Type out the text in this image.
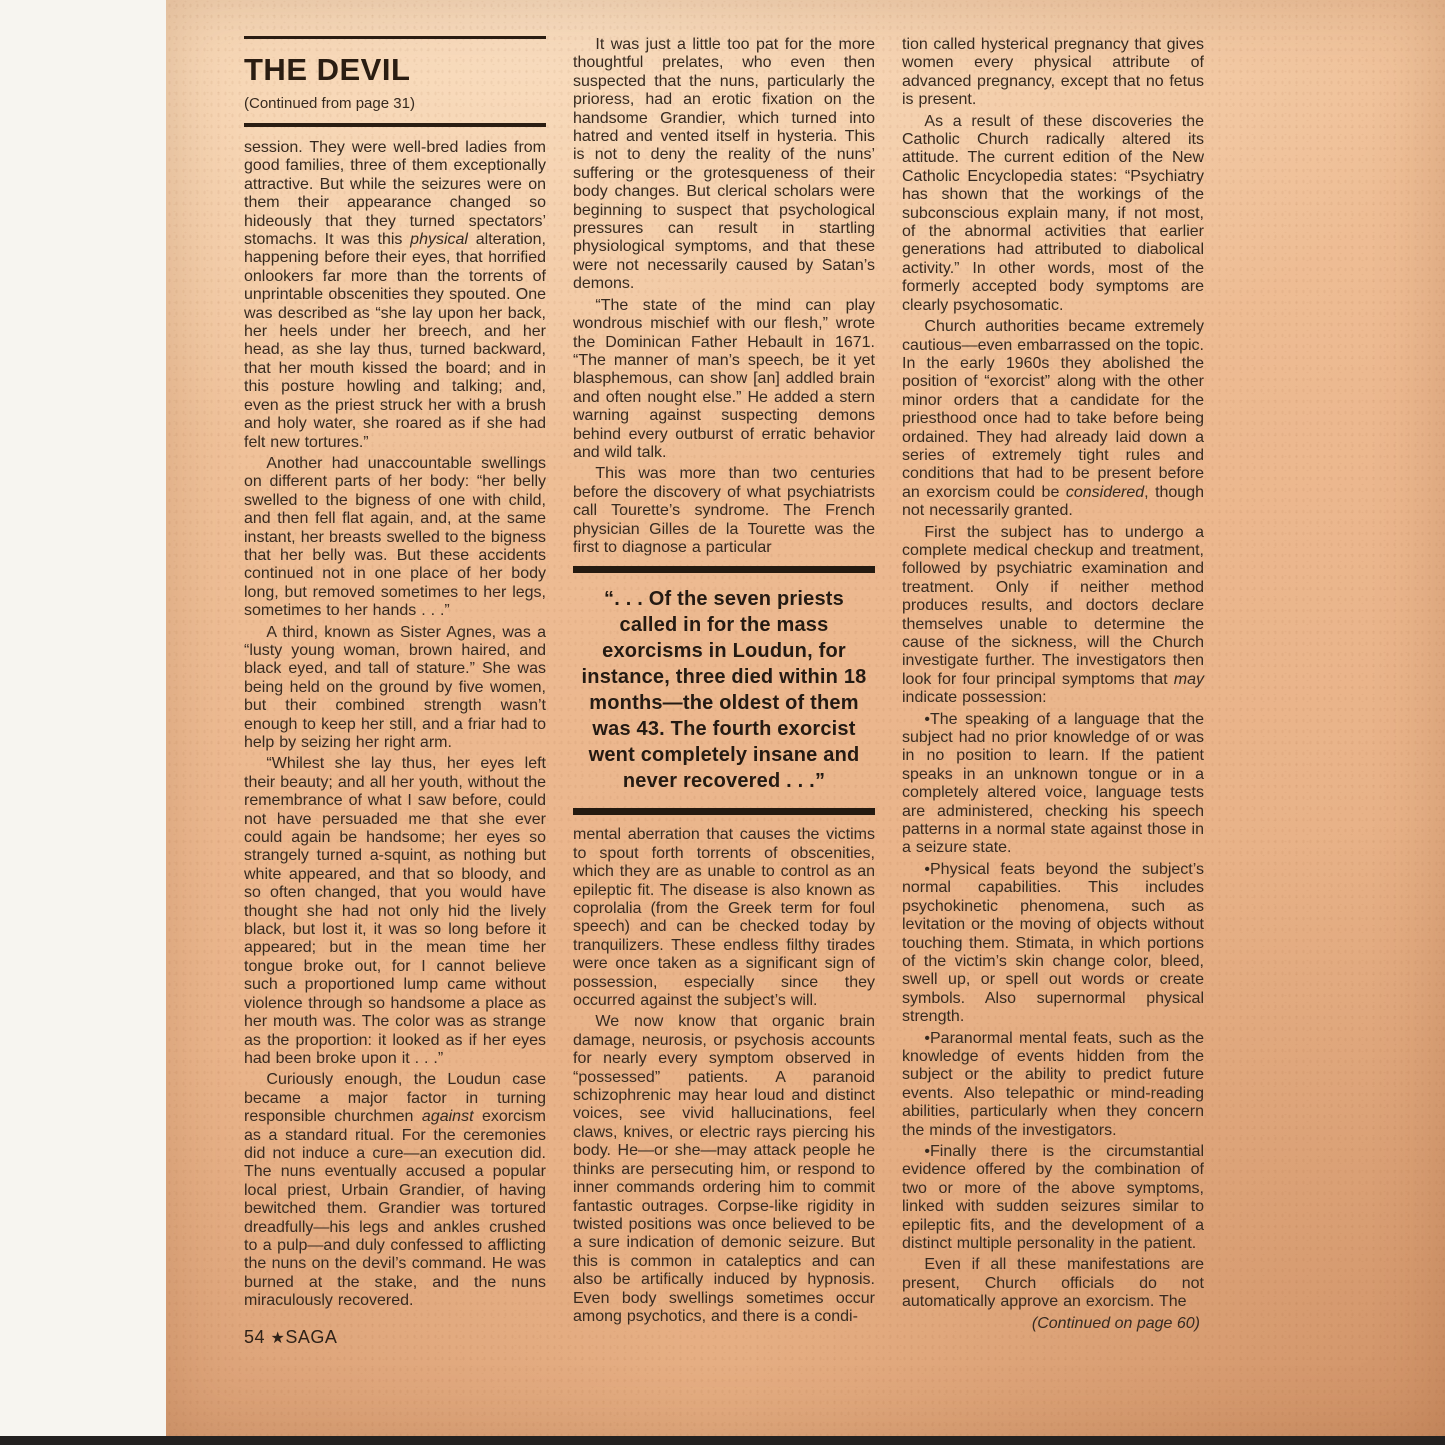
THE DEVIL
(Continued from page 31)

session. They were well-bred ladies from good families, three of them exceptionally attractive. But while the seizures were on them their appearance changed so hideously that they turned spectators’ stomachs. It was this physical alteration, happening before their eyes, that horrified onlookers far more than the torrents of unprintable obscenities they spouted. One was described as “she lay upon her back, her heels under her breech, and her head, as she lay thus, turned backward, that her mouth kissed the board; and in this posture howling and talking; and, even as the priest struck her with a brush and holy water, she roared as if she had felt new tortures.”

Another had unaccountable swellings on different parts of her body: “her belly swelled to the bigness of one with child, and then fell flat again, and, at the same instant, her breasts swelled to the bigness that her belly was. But these accidents continued not in one place of her body long, but removed sometimes to her legs, sometimes to her hands . . .”

A third, known as Sister Agnes, was a “lusty young woman, brown haired, and black eyed, and tall of stature.” She was being held on the ground by five women, but their combined strength wasn’t enough to keep her still, and a friar had to help by seizing her right arm.

“Whilest she lay thus, her eyes left their beauty; and all her youth, without the remembrance of what I saw before, could not have persuaded me that she ever could again be handsome; her eyes so strangely turned a-squint, as nothing but white appeared, and that so bloody, and so often changed, that you would have thought she had not only hid the lively black, but lost it, it was so long before it appeared; but in the mean time her tongue broke out, for I cannot believe such a proportioned lump came without violence through so handsome a place as her mouth was. The color was as strange as the proportion: it looked as if her eyes had been broke upon it . . .”

Curiously enough, the Loudun case became a major factor in turning responsible churchmen against exorcism as a standard ritual. For the ceremonies did not induce a cure—an execution did. The nuns eventually accused a popular local priest, Urbain Grandier, of having bewitched them. Grandier was tortured dreadfully—his legs and ankles crushed to a pulp—and duly confessed to afflicting the nuns on the devil’s command. He was burned at the stake, and the nuns miraculously recovered.

54 ★SAGA

It was just a little too pat for the more thoughtful prelates, who even then suspected that the nuns, particularly the prioress, had an erotic fixation on the handsome Grandier, which turned into hatred and vented itself in hysteria. This is not to deny the reality of the nuns’ suffering or the grotesqueness of their body changes. But clerical scholars were beginning to suspect that psychological pressures can result in startling physiological symptoms, and that these were not necessarily caused by Satan’s demons.

“The state of the mind can play wondrous mischief with our flesh,” wrote the Dominican Father Hebault in 1671. “The manner of man’s speech, be it yet blasphemous, can show [an] addled brain and often nought else.” He added a stern warning against suspecting demons behind every outburst of erratic behavior and wild talk.

This was more than two centuries before the discovery of what psychiatrists call Tourette’s syndrome. The French physician Gilles de la Tourette was the first to diagnose a particular

“. . . Of the seven priests called in for the mass exorcisms in Loudun, for instance, three died within 18 months—the oldest of them was 43. The fourth exorcist went completely insane and never recovered . . .”

mental aberration that causes the victims to spout forth torrents of obscenities, which they are as unable to control as an epileptic fit. The disease is also known as coprolalia (from the Greek term for foul speech) and can be checked today by tranquilizers. These endless filthy tirades were once taken as a significant sign of possession, especially since they occurred against the subject’s will.

We now know that organic brain damage, neurosis, or psychosis accounts for nearly every symptom observed in “possessed” patients. A paranoid schizophrenic may hear loud and distinct voices, see vivid hallucinations, feel claws, knives, or electric rays piercing his body. He—or she—may attack people he thinks are persecuting him, or respond to inner commands ordering him to commit fantastic outrages. Corpse-like rigidity in twisted positions was once believed to be a sure indication of demonic seizure. But this is common in cataleptics and can also be artifically induced by hypnosis. Even body swellings sometimes occur among psychotics, and there is a condi-

tion called hysterical pregnancy that gives women every physical attribute of advanced pregnancy, except that no fetus is present.

As a result of these discoveries the Catholic Church radically altered its attitude. The current edition of the New Catholic Encyclopedia states: “Psychiatry has shown that the workings of the subconscious explain many, if not most, of the abnormal activities that earlier generations had attributed to diabolical activity.” In other words, most of the formerly accepted body symptoms are clearly psychosomatic.

Church authorities became extremely cautious—even embarrassed on the topic. In the early 1960s they abolished the position of “exorcist” along with the other minor orders that a candidate for the priesthood once had to take before being ordained. They had already laid down a series of extremely tight rules and conditions that had to be present before an exorcism could be considered, though not necessarily granted.

First the subject has to undergo a complete medical checkup and treatment, followed by psychiatric examination and treatment. Only if neither method produces results, and doctors declare themselves unable to determine the cause of the sickness, will the Church investigate further. The investigators then look for four principal symptoms that may indicate possession:

•The speaking of a language that the subject had no prior knowledge of or was in no position to learn. If the patient speaks in an unknown tongue or in a completely altered voice, language tests are administered, checking his speech patterns in a normal state against those in a seizure state.

•Physical feats beyond the subject’s normal capabilities. This includes psychokinetic phenomena, such as levitation or the moving of objects without touching them. Stimata, in which portions of the victim’s skin change color, bleed, swell up, or spell out words or create symbols. Also supernormal physical strength.

•Paranormal mental feats, such as the knowledge of events hidden from the subject or the ability to predict future events. Also telepathic or mind-reading abilities, particularly when they concern the minds of the investigators.

•Finally there is the circumstantial evidence offered by the combination of two or more of the above symptoms, linked with sudden seizures similar to epileptic fits, and the development of a distinct multiple personality in the patient.

Even if all these manifestations are present, Church officials do not automatically approve an exorcism. The

(Continued on page 60)
